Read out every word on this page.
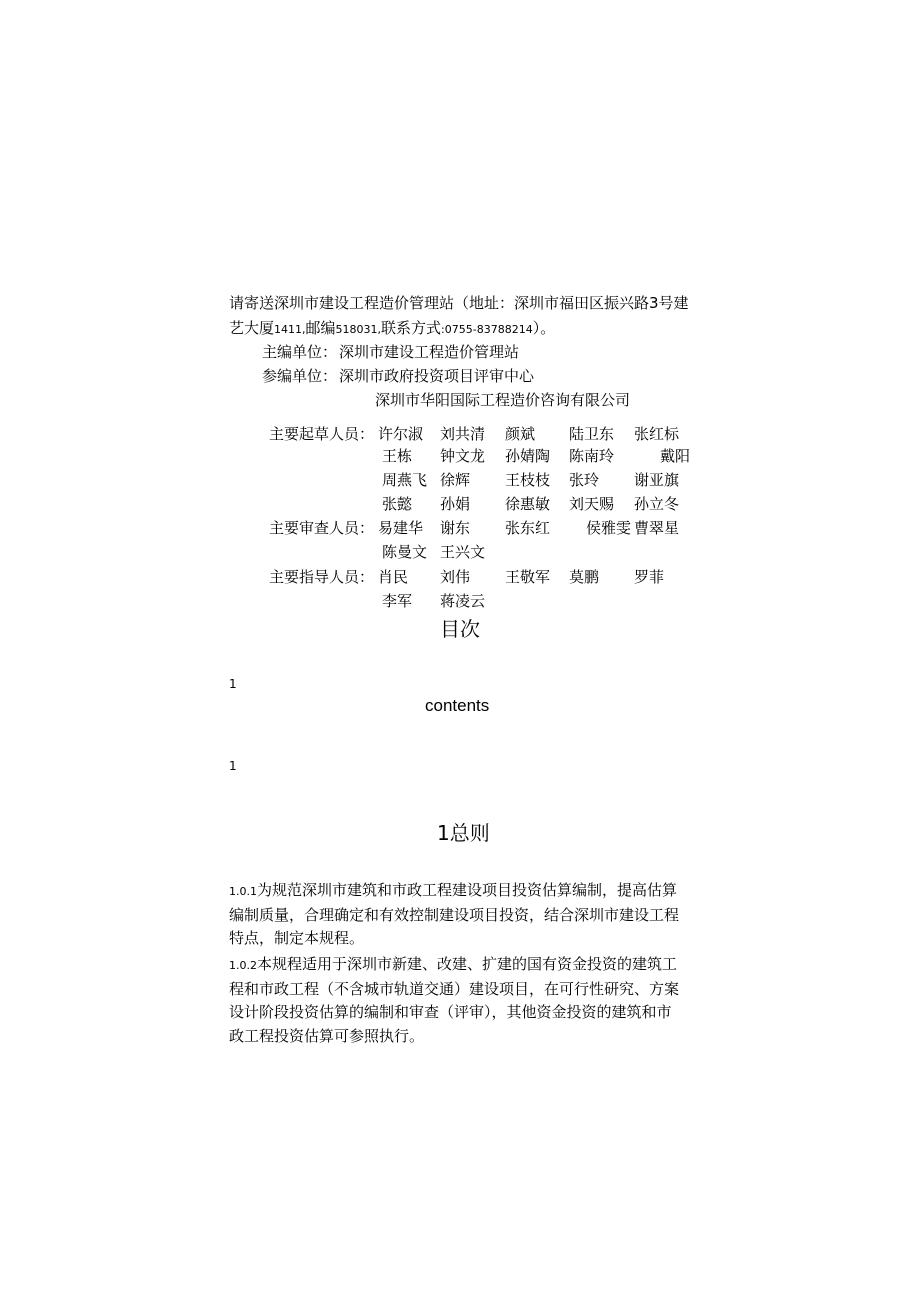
请寄送深圳市建设工程造价管理站（地址：深圳市福田区振兴路3号建
艺大厦1411,邮编518031,联系方式:0755-83788214）。
主编单位： 深圳市建设工程造价管理站
参编单位： 深圳市政府投资项目评审中心
深圳市华阳国际工程造价咨询有限公司
主要起草人员： 许尔淑 刘共清 颜斌 陆卫东 张红标
王栋 钟文龙 孙婧陶 陈南玲	戴阳
周燕飞 徐辉 王枝枝 张玲 谢亚旗
张懿 孙娟 徐惠敏 刘天赐 孙立冬
主要审查人员： 易建华 谢东 张东红 侯雅雯 曹翠星
陈曼文 王兴文
主要指导人员： 肖民 刘伟 王敬军 莫鹏 罗菲
李军 蒋凌云
目次
1
contents
1
1总则

1.0.1为规范深圳市建筑和市政工程建设项目投资估算编制，提高估算

编制质量，合理确定和有效控制建设项目投资，结合深圳市建设工程

特点，制定本规程。

1.0.2本规程适用于深圳市新建、改建、扩建的国有资金投资的建筑工

程和市政工程（不含城市轨道交通）建设项目，在可行性研究、方案

设计阶段投资估算的编制和审查（评审），其他资金投资的建筑和市

政工程投资估算可参照执行。
